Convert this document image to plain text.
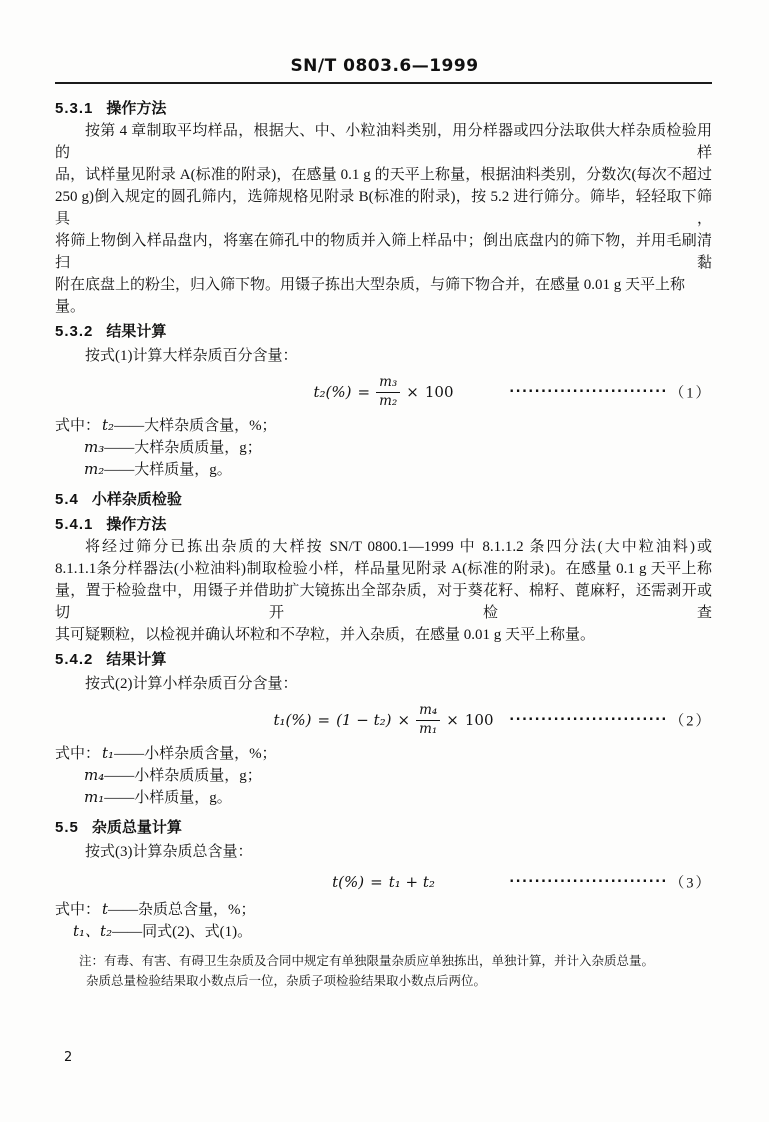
SN/T 0803.6—1999
5.3.1 操作方法
按第 4 章制取平均样品，根据大、中、小粒油料类别，用分样器或四分法取供大样杂质检验用的样
品，试样量见附录 A(标准的附录)，在感量 0.1 g 的天平上称量，根据油料类别，分数次(每次不超过
250 g)倒入规定的圆孔筛内，选筛规格见附录 B(标准的附录)，按 5.2 进行筛分。筛毕，轻轻取下筛具，
将筛上物倒入样品盘内，将塞在筛孔中的物质并入筛上样品中；倒出底盘内的筛下物，并用毛刷清扫黏
附在底盘上的粉尘，归入筛下物。用镊子拣出大型杂质，与筛下物合并，在感量 0.01 g 天平上称量。
5.3.2 结果计算
按式(1)计算大样杂质百分含量：
$t_2(\%) = \frac{\text{m₃}}{\text{m₂}} \times 100$	························· （1）
式中： t₂——大样杂质含量，%；
m₃——大样杂质质量，g；
m₂——大样质量，g。
5.4 小样杂质检验
5.4.1 操作方法
将经过筛分已拣出杂质的大样按 SN/T 0800.1—1999 中 8.1.1.2 条四分法(大中粒油料)或
8.1.1.1条分样器法(小粒油料)制取检验小样，样品量见附录 A(标准的附录)。在感量 0.1 g 天平上称
量，置于检验盘中，用镊子并借助扩大镜拣出全部杂质，对于葵花籽、棉籽、蓖麻籽，还需剥开或切开检查
其可疑颗粒，以检视并确认坏粒和不孕粒，并入杂质，在感量 0.01 g 天平上称量。
5.4.2 结果计算
按式(2)计算小样杂质百分含量：
$t_1(\%) = (1 - t_2) \times \frac{\text{m₄}}{\text{m₁}} \times 100$ ························· （2）
式中： t₁——小样杂质含量，%；
m₄——小样杂质质量，g；
m₁——小样质量，g。
5.5 杂质总量计算
按式(3)计算杂质总含量：
t(%) = t₁ + t₂	························· （3）
式中： t——杂质总含量，%；
t₁、t₂——同式(2)、式(1)。
注：有毒、有害、有碍卫生杂质及合同中规定有单独限量杂质应单独拣出，单独计算，并计入杂质总量。
杂质总量检验结果取小数点后一位，杂质子项检验结果取小数点后两位。
2
